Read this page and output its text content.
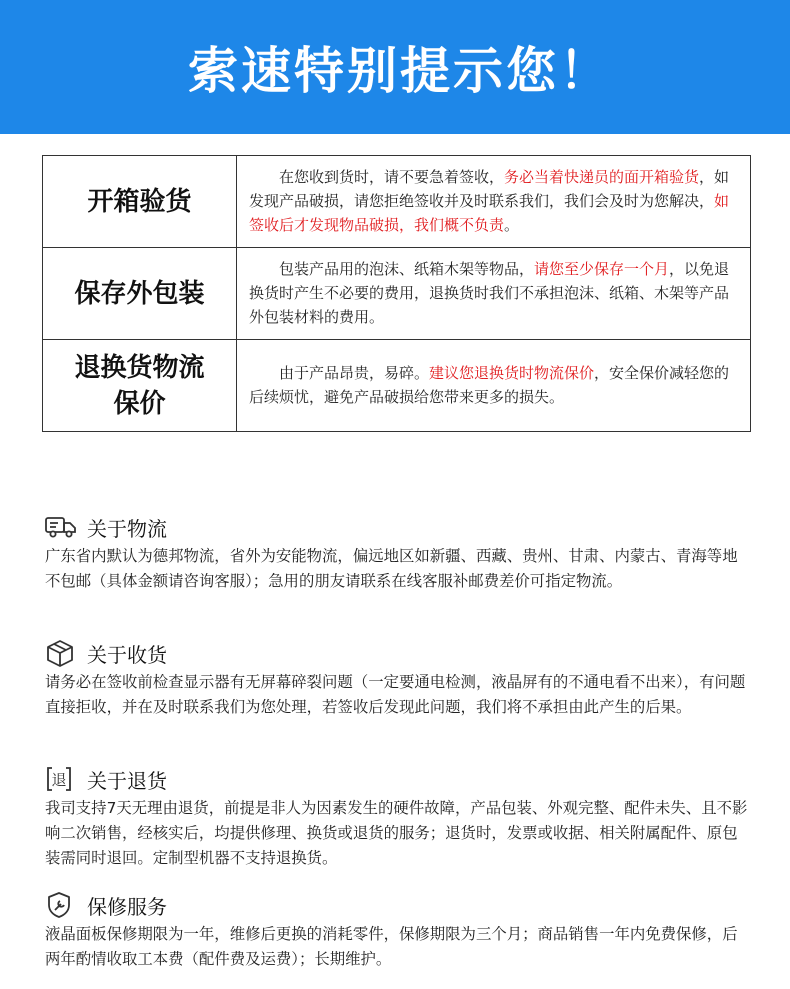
索速特别提示您！
开箱验货	在您收到货时，请不要急着签收，务必当着快递员的面开箱验货，如发现产品破损，请您拒绝签收并及时联系我们，我们会及时为您解决，如签收后才发现物品破损，我们概不负责。
保存外包装	包装产品用的泡沫、纸箱木架等物品，请您至少保存一个月，以免退换货时产生不必要的费用，退换货时我们不承担泡沫、纸箱、木架等产品外包装材料的费用。
退换货物流
保价	由于产品昂贵，易碎。建议您退换货时物流保价，安全保价减轻您的后续烦忧，避免产品破损给您带来更多的损失。
关于物流
广东省内默认为德邦物流，省外为安能物流，偏远地区如新疆、西藏、贵州、甘肃、内蒙古、青海等地不包邮（具体金额请咨询客服）；急用的朋友请联系在线客服补邮费差价可指定物流。
关于收货
请务必在签收前检查显示器有无屏幕碎裂问题（一定要通电检测，液晶屏有的不通电看不出来），有问题直接拒收，并在及时联系我们为您处理，若签收后发现此问题，我们将不承担由此产生的后果。
退 关于退货
我司支持7天无理由退货，前提是非人为因素发生的硬件故障，产品包装、外观完整、配件未失、且不影响二次销售，经核实后，均提供修理、换货或退货的服务；退货时，发票或收据、相关附属配件、原包装需同时退回。定制型机器不支持退换货。
保修服务
液晶面板保修期限为一年，维修后更换的消耗零件，保修期限为三个月；商品销售一年内免费保修，后两年酌情收取工本费（配件费及运费）；长期维护。
